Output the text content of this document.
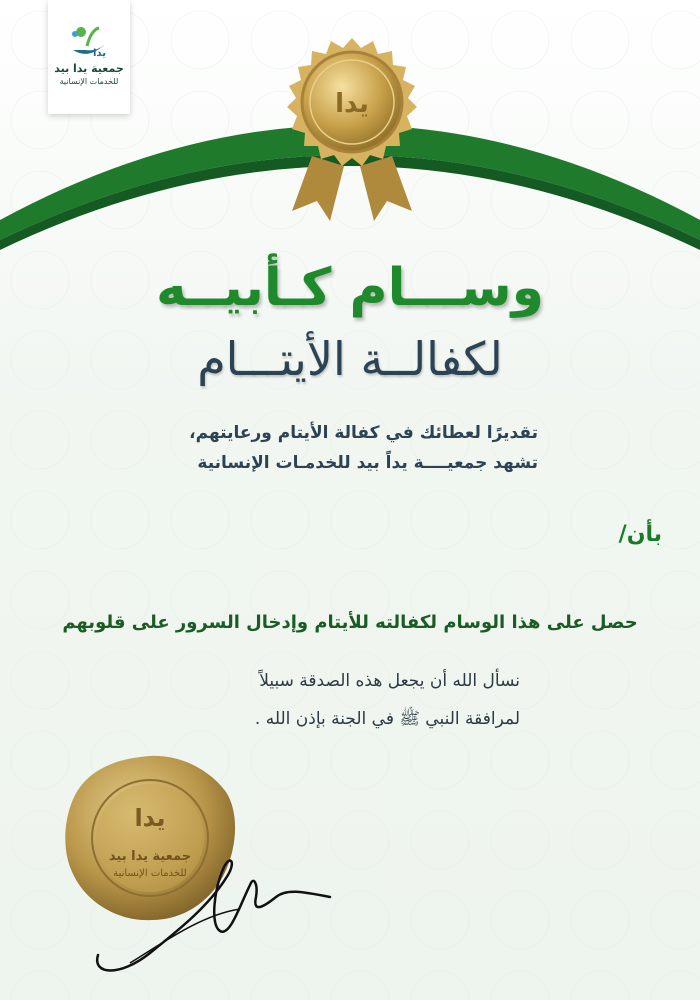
يدا
جمعية يدا بيد
للخدمات الإنسانية
يدا
وســـام كـأبيــه
لكفالــة الأيتـــام
تقديرًا لعطائك في كفالة الأيتام ورعايتهم،
تشهد جمعيــــة يداً بيد للخدمـات الإنسانية
بأن/
حصل على هذا الوسام لكفالته للأيتام وإدخال السرور على قلوبهم
نسأل الله أن يجعل هذه الصدقة سبيلاً
لمرافقة النبي ﷺ في الجنة بإذن الله .
يدا
جمعية يدا بيد
للخدمات الإنسانية
